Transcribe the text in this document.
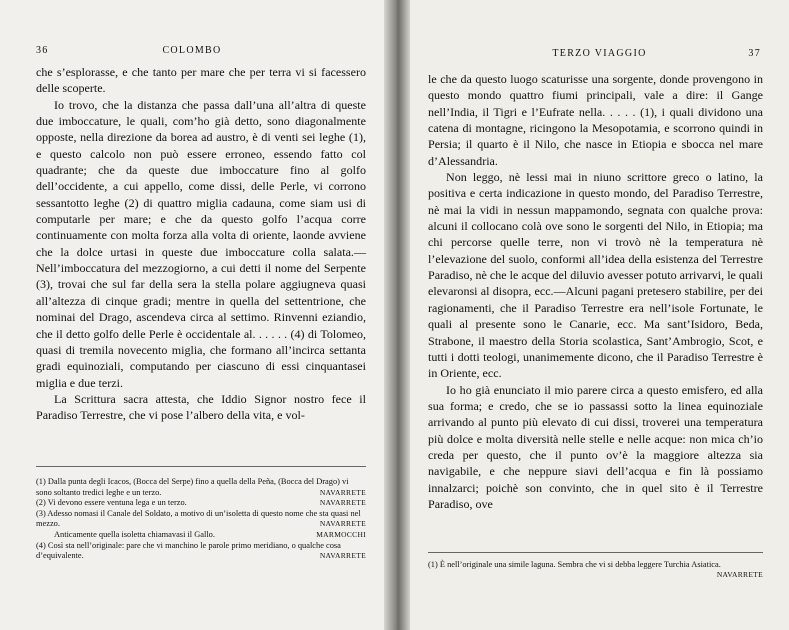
36	COLOMBO

che s’esplorasse, e che tanto per mare che per terra vi si facessero delle scoperte.

Io trovo, che la distanza che passa dall’una all’altra di queste due imboccature, le quali, com’ho già detto, sono diagonalmente opposte, nella direzione da borea ad austro, è di venti sei leghe (1), e questo calcolo non può essere erroneo, essendo fatto col quadrante; che da queste due imboccature fino al golfo dell’occidente, a cui appello, come dissi, delle Perle, vi corrono sessantotto leghe (2) di quattro miglia cadauna, come siam usi di computarle per mare; e che da questo golfo l’acqua corre continuamente con molta forza alla volta di oriente, laonde avviene che la dolce urtasi in queste due imboccature colla salata.—Nell’imboccatura del mezzogiorno, a cui detti il nome del Serpente (3), trovai che sul far della sera la stella polare aggiugneva quasi all’altezza di cinque gradi; mentre in quella del settentrione, che nominai del Drago, ascendeva circa al settimo. Rinvenni eziandio, che il detto golfo delle Perle è occidentale al. . . . . . (4) di Tolomeo, quasi di tremila novecento miglia, che formano all’incirca settanta gradi equinoziali, computando per ciascuno di essi cinquantasei miglia e due terzi.

La Scrittura sacra attesta, che Iddio Signor nostro fece il Paradiso Terrestre, che vi pose l’albero della vita, e vol-

(1) Dalla punta degli Icacos, (Bocca del Serpe) fino a quella della Peña, (Bocca del Drago) vi sono soltanto tredici leghe e un terzo.	NAVARRETE
(2) Vi devono essere ventuna lega e un terzo.	NAVARRETE
(3) Adesso nomasi il Canale del Soldato, a motivo di un’isoletta di questo nome che sta quasi nel mezzo.	NAVARRETE
Anticamente quella isoletta chiamavasi il Gallo.	MARMOCCHI
(4) Così sta nell’originale: pare che vi manchino le parole primo meridiano, o qualche cosa d’equivalente.	NAVARRETE
TERZO VIAGGIO	37

le che da questo luogo scaturisse una sorgente, donde provengono in questo mondo quattro fiumi principali, vale a dire: il Gange nell’India, il Tigri e l’Eufrate nella. . . . . (1), i quali dividono una catena di montagne, ricingono la Mesopotamia, e scorrono quindi in Persia; il quarto è il Nilo, che nasce in Etiopia e sbocca nel mare d’Alessandria.

Non leggo, nè lessi mai in niuno scrittore greco o latino, la positiva e certa indicazione in questo mondo, del Paradiso Terrestre, nè mai la vidi in nessun mappamondo, segnata con qualche prova: alcuni il collocano colà ove sono le sorgenti del Nilo, in Etiopia; ma chi percorse quelle terre, non vi trovò nè la temperatura nè l’elevazione del suolo, conformi all’idea della esistenza del Terrestre Paradiso, nè che le acque del diluvio avesser potuto arrivarvi, le quali elevaronsi al disopra, ecc.—Alcuni pagani pretesero stabilire, per dei ragionamenti, che il Paradiso Terrestre era nell’isole Fortunate, le quali al presente sono le Canarie, ecc. Ma sant’Isidoro, Beda, Strabone, il maestro della Storia scolastica, Sant’Ambrogio, Scot, e tutti i dotti teologi, unanimemente dicono, che il Paradiso Terrestre è in Oriente, ecc.

Io ho già enunciato il mio parere circa a questo emisfero, ed alla sua forma; e credo, che se io passassi sotto la linea equinoziale arrivando al punto più elevato di cui dissi, troverei una temperatura più dolce e molta diversità nelle stelle e nelle acque: non mica ch’io creda per questo, che il punto ov’è la maggiore altezza sia navigabile, e che neppure siavi dell’acqua e fin là possiamo innalzarci; poichè son convinto, che in quel sito è il Terrestre Paradiso, ove

(1) È nell’originale una simile laguna. Sembra che vi si debba leggere Turchia Asiatica.
NAVARRETE
